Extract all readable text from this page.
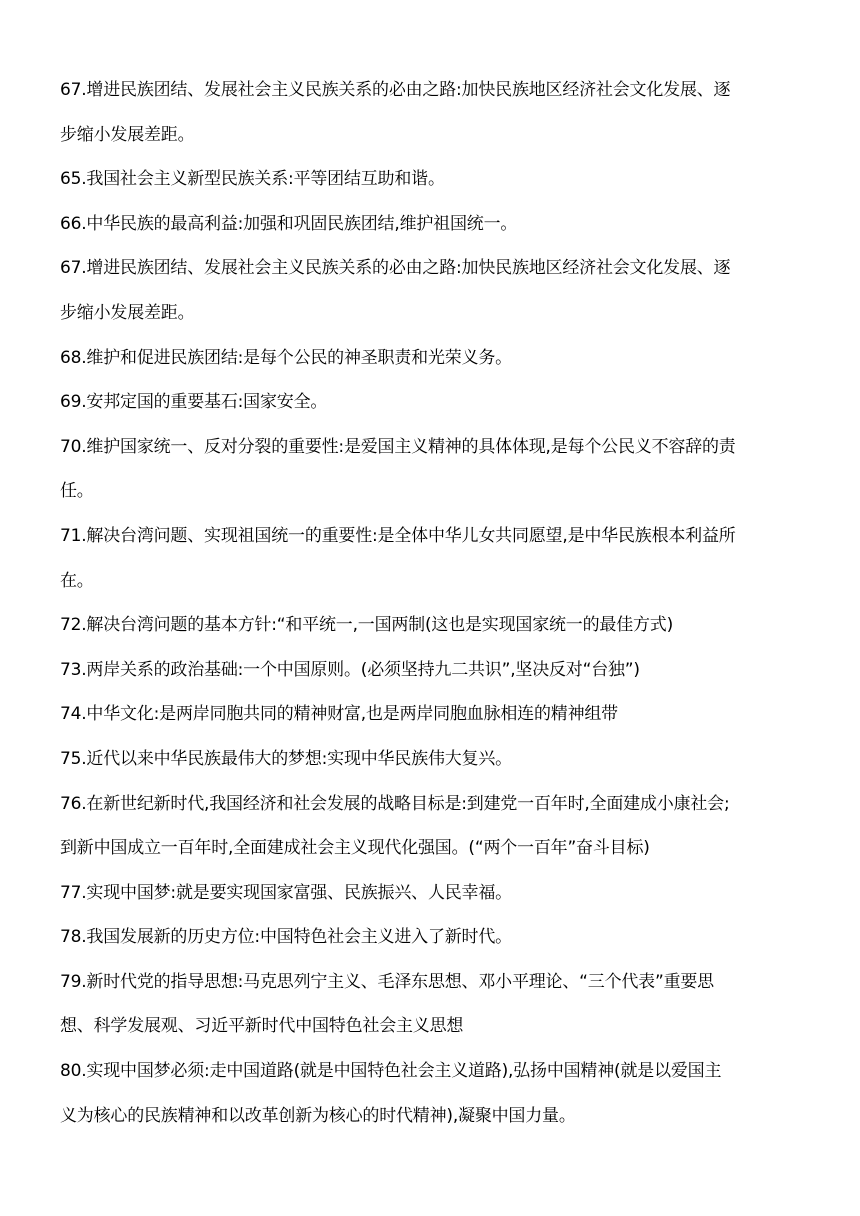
67.增进民族团结、发展社会主义民族关系的必由之路:加快民族地区经济社会文化发展、逐
步缩小发展差距。
65.我国社会主义新型民族关系:平等团结互助和谐。
66.中华民族的最高利益:加强和巩固民族团结,维护祖国统一。
67.增进民族团结、发展社会主义民族关系的必由之路:加快民族地区经济社会文化发展、逐
步缩小发展差距。
68.维护和促进民族团结:是每个公民的神圣职责和光荣义务。
69.安邦定国的重要基石:国家安全。
70.维护国家统一、反对分裂的重要性:是爱国主义精神的具体体现,是每个公民义不容辞的责
任。
71.解决台湾问题、实现祖国统一的重要性:是全体中华儿女共同愿望,是中华民族根本利益所
在。
72.解决台湾问题的基本方针:“和平统一,一国两制(这也是实现国家统一的最佳方式)
73.两岸关系的政治基础:一个中国原则。(必须坚持九二共识”,坚决反对“台独”)
74.中华文化:是两岸同胞共同的精神财富,也是两岸同胞血脉相连的精神组带
75.近代以来中华民族最伟大的梦想:实现中华民族伟大复兴。
76.在新世纪新时代,我国经济和社会发展的战略目标是:到建党一百年时,全面建成小康社会;
到新中国成立一百年时,全面建成社会主义现代化强国。(“两个一百年”奋斗目标)
77.实现中国梦:就是要实现国家富强、民族振兴、人民幸福。
78.我国发展新的历史方位:中国特色社会主义进入了新时代。
79.新时代党的指导思想:马克思列宁主义、毛泽东思想、邓小平理论、“三个代表”重要思
想、科学发展观、习近平新时代中国特色社会主义思想
80.实现中国梦必须:走中国道路(就是中国特色社会主义道路),弘扬中国精神(就是以爱国主
义为核心的民族精神和以改革创新为核心的时代精神),凝聚中国力量。
